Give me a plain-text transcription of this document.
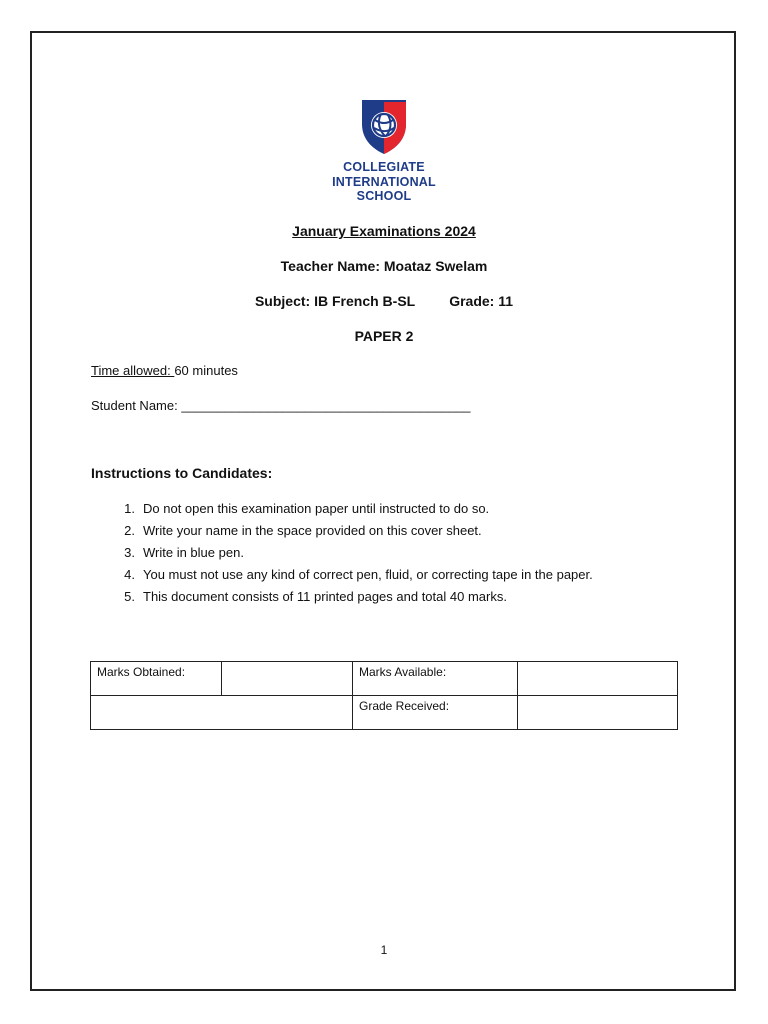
COLLEGIATE
INTERNATIONAL
SCHOOL
January Examinations 2024
Teacher Name: Moataz Swelam
Subject: IB French B-SL Grade: 11
PAPER 2
Time allowed: 60 minutes
Student Name: ________________________________________
Instructions to Candidates:
1. Do not open this examination paper until instructed to do so.
2. Write your name in the space provided on this cover sheet.
3. Write in blue pen.
4. You must not use any kind of correct pen, fluid, or correcting tape in the paper.
5. This document consists of 11 printed pages and total 40 marks.
Marks Obtained:		Marks Available:	
		Grade Received:	
1
